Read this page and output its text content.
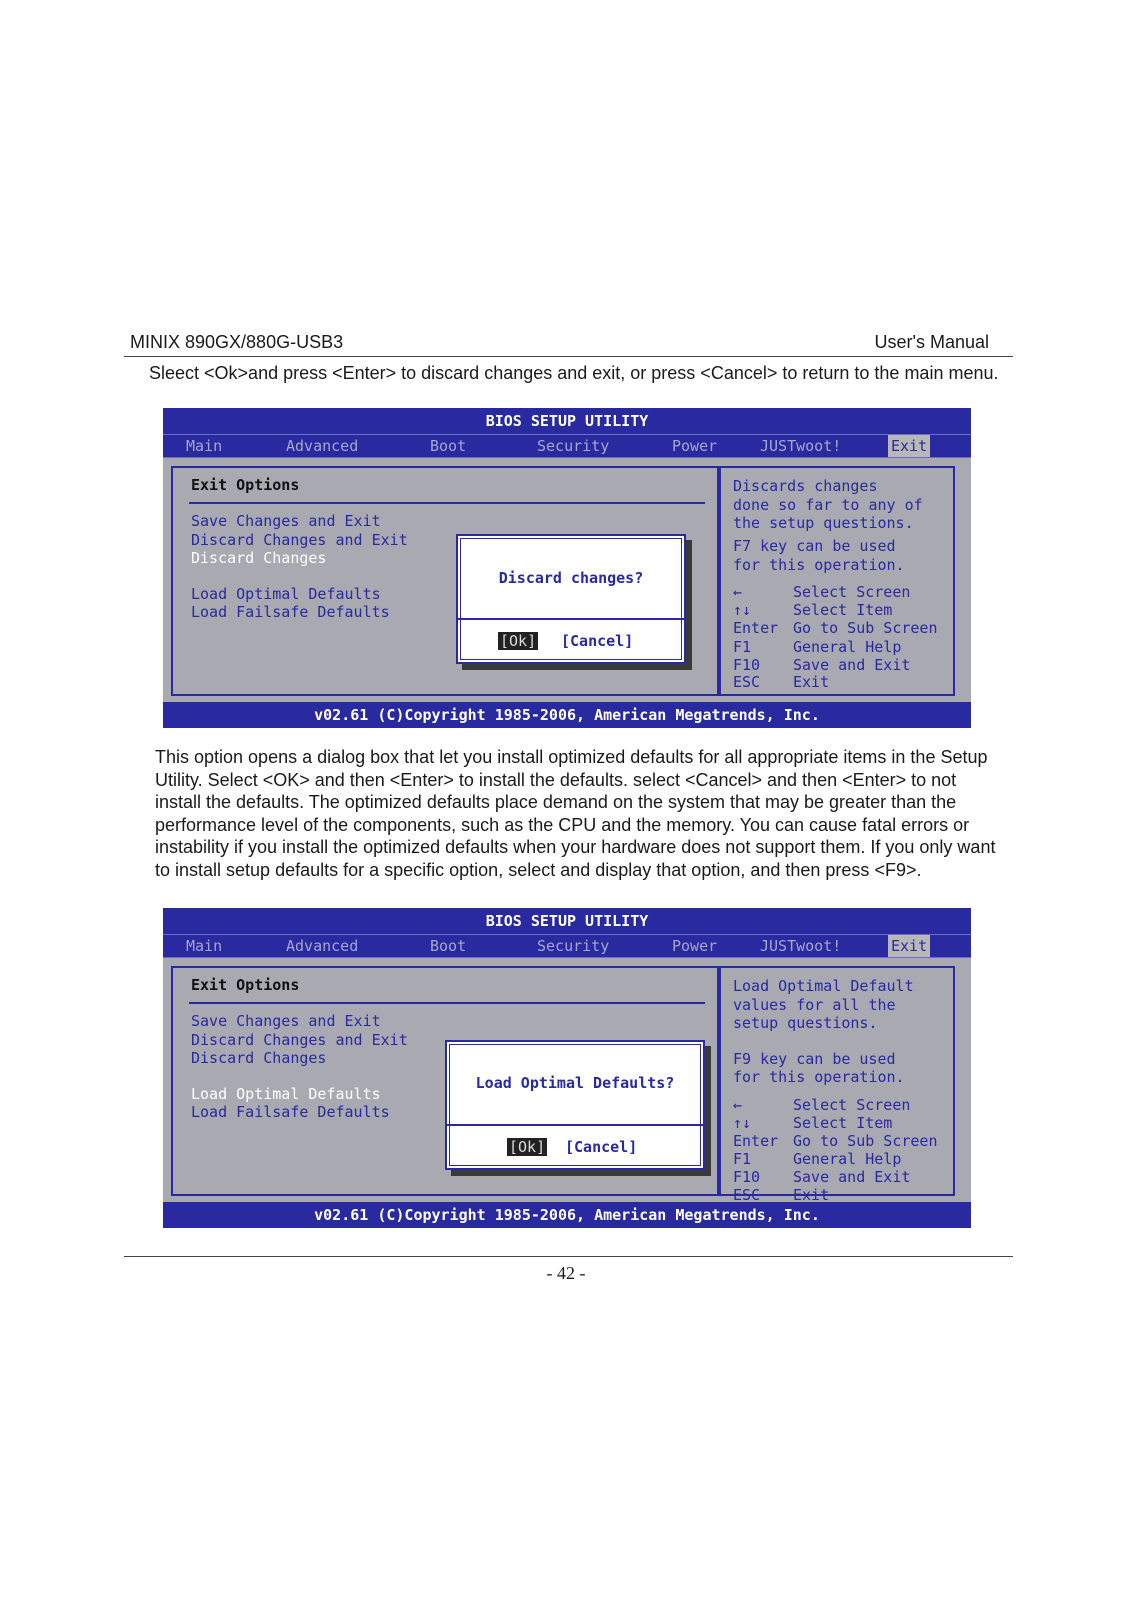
MINIX 890GX/880G-USB3	User's Manual
Sleect <Ok>and press <Enter> to discard changes and exit, or press <Cancel> to return to the main menu.
BIOS SETUP UTILITY
Main	Advanced	Boot	Security	Power	JUSTwoot!	Exit
Exit Options
Save Changes and Exit
Discard Changes and Exit
Discard Changes
Load Optimal Defaults
Load Failsafe Defaults
Discards changes
done so far to any of
the setup questions.
F7 key can be used
for this operation.
←	Select Screen
↑↓	Select Item
Enter Go to Sub Screen
F1	General Help
F10 Save and Exit
ESC Exit
Discard changes?
[Ok] [Cancel]
v02.61 (C)Copyright 1985-2006, American Megatrends, Inc.
This option opens a dialog box that let you install optimized defaults for all appropriate items in the Setup Utility. Select <OK> and then <Enter> to install the defaults. select <Cancel> and then <Enter> to not install the defaults. The optimized defaults place demand on the system that may be greater than the performance level of the components, such as the CPU and the memory. You can cause fatal errors or instability if you install the optimized defaults when your hardware does not support them. If you only want to install setup defaults for a specific option, select and display that option, and then press <F9>.
BIOS SETUP UTILITY
Main	Advanced	Boot	Security	Power	JUSTwoot!	Exit
Exit Options
Save Changes and Exit
Discard Changes and Exit
Discard Changes
Load Optimal Defaults
Load Failsafe Defaults
Load Optimal Default
values for all the
setup questions.
F9 key can be used
for this operation.
←	Select Screen
↑↓	Select Item
Enter Go to Sub Screen
F1	General Help
F10 Save and Exit
ESC Exit
Load Optimal Defaults?
[Ok] [Cancel]
v02.61 (C)Copyright 1985-2006, American Megatrends, Inc.
- 42 -
